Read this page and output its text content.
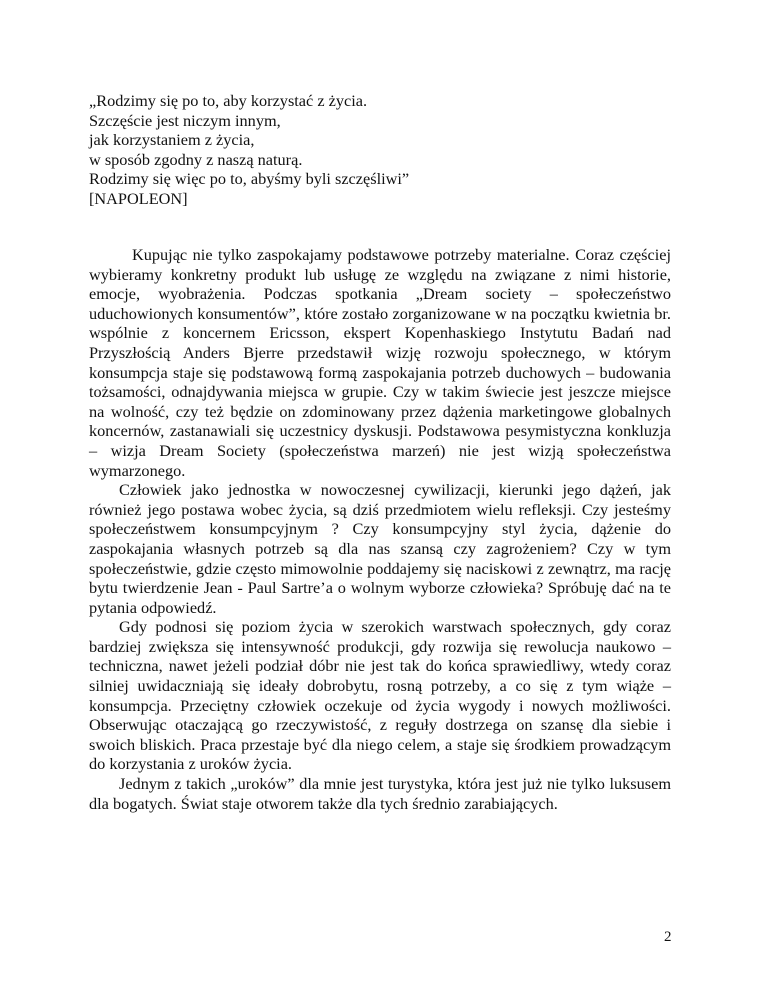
„Rodzimy się po to, aby korzystać z życia.
Szczęście jest niczym innym,
jak korzystaniem z życia,
w sposób zgodny z naszą naturą.
Rodzimy się więc po to, abyśmy byli szczęśliwi”
[NAPOLEON]

Kupując nie tylko zaspokajamy podstawowe potrzeby materialne. Coraz częściej wybieramy konkretny produkt lub usługę ze względu na związane z nimi historie, emocje, wyobrażenia. Podczas spotkania „Dream society – społeczeństwo uduchowionych konsumentów”, które zostało zorganizowane w na początku kwietnia br. wspólnie z koncernem Ericsson, ekspert Kopenhaskiego Instytutu Badań nad Przyszłością Anders Bjerre przedstawił wizję rozwoju społecznego, w którym konsumpcja staje się podstawową formą zaspokajania potrzeb duchowych – budowania tożsamości, odnajdywania miejsca w grupie. Czy w takim świecie jest jeszcze miejsce na wolność, czy też będzie on zdominowany przez dążenia marketingowe globalnych koncernów, zastanawiali się uczestnicy dyskusji. Podstawowa pesymistyczna konkluzja – wizja Dream Society (społeczeństwa marzeń) nie jest wizją społeczeństwa wymarzonego.

Człowiek jako jednostka w nowoczesnej cywilizacji, kierunki jego dążeń, jak również jego postawa wobec życia, są dziś przedmiotem wielu refleksji. Czy jesteśmy społeczeństwem konsumpcyjnym ? Czy konsumpcyjny styl życia, dążenie do zaspokajania własnych potrzeb są dla nas szansą czy zagrożeniem? Czy w tym społeczeństwie, gdzie często mimowolnie poddajemy się naciskowi z zewnątrz, ma rację bytu twierdzenie Jean - Paul Sartre’a o wolnym wyborze człowieka? Spróbuję dać na te pytania odpowiedź.

Gdy podnosi się poziom życia w szerokich warstwach społecznych, gdy coraz bardziej zwiększa się intensywność produkcji, gdy rozwija się rewolucja naukowo – techniczna, nawet jeżeli podział dóbr nie jest tak do końca sprawiedliwy, wtedy coraz silniej uwidaczniają się ideały dobrobytu, rosną potrzeby, a co się z tym wiąże – konsumpcja. Przeciętny człowiek oczekuje od życia wygody i nowych możliwości. Obserwując otaczającą go rzeczywistość, z reguły dostrzega on szansę dla siebie i swoich bliskich. Praca przestaje być dla niego celem, a staje się środkiem prowadzącym do korzystania z uroków życia.

Jednym z takich „uroków” dla mnie jest turystyka, która jest już nie tylko luksusem dla bogatych. Świat staje otworem także dla tych średnio zarabiających.

2
